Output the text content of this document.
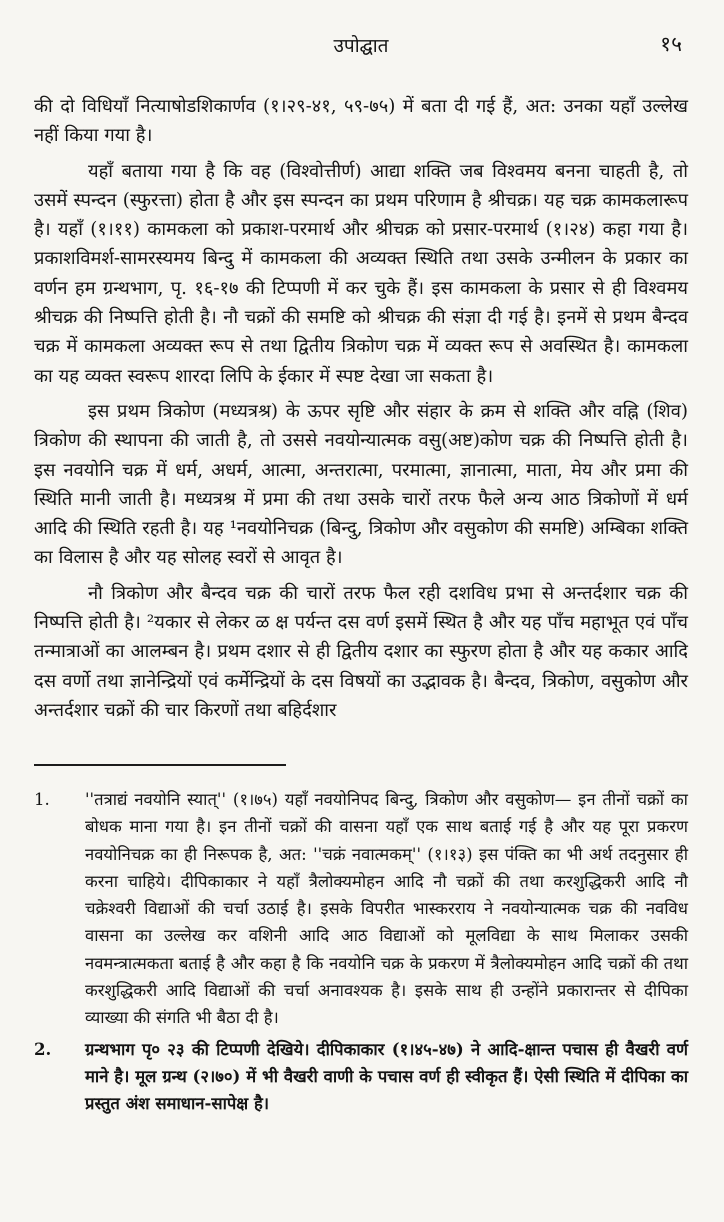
उपोद्घात	१५

की दो विधियाँ नित्याषोडशिकार्णव (१।२९-४१, ५९-७५) में बता दी गई हैं, अत: उनका यहाँ उल्लेख नहीं किया गया है।

यहाँ बताया गया है कि वह (विश्वोत्तीर्ण) आद्या शक्ति जब विश्वमय बनना चाहती है, तो उसमें स्पन्दन (स्फुरत्ता) होता है और इस स्पन्दन का प्रथम परिणाम है श्रीचक्र। यह चक्र कामकलारूप है। यहाँ (१।११) कामकला को प्रकाश-परमार्थ और श्रीचक्र को प्रसार-परमार्थ (१।२४) कहा गया है। प्रकाशविमर्श-सामरस्यमय बिन्दु में कामकला की अव्यक्त स्थिति तथा उसके उन्मीलन के प्रकार का वर्णन हम ग्रन्थभाग, पृ. १६-१७ की टिप्पणी में कर चुके हैं। इस कामकला के प्रसार से ही विश्वमय श्रीचक्र की निष्पत्ति होती है। नौ चक्रों की समष्टि को श्रीचक्र की संज्ञा दी गई है। इनमें से प्रथम बैन्दव चक्र में कामकला अव्यक्त रूप से तथा द्वितीय त्रिकोण चक्र में व्यक्त रूप से अवस्थित है। कामकला का यह व्यक्त स्वरूप शारदा लिपि के ईकार में स्पष्ट देखा जा सकता है।

इस प्रथम त्रिकोण (मध्यत्रश्र) के ऊपर सृष्टि और संहार के क्रम से शक्ति और वह्नि (शिव) त्रिकोण की स्थापना की जाती है, तो उससे नवयोन्यात्मक वसु(अष्ट)कोण चक्र की निष्पत्ति होती है। इस नवयोनि चक्र में धर्म, अधर्म, आत्मा, अन्तरात्मा, परमात्मा, ज्ञानात्मा, माता, मेय और प्रमा की स्थिति मानी जाती है। मध्यत्रश्र में प्रमा की तथा उसके चारों तरफ फैले अन्य आठ त्रिकोणों में धर्म आदि की स्थिति रहती है। यह ¹नवयोनिचक्र (बिन्दु, त्रिकोण और वसुकोण की समष्टि) अम्बिका शक्ति का विलास है और यह सोलह स्वरों से आवृत है।

नौ त्रिकोण और बैन्दव चक्र की चारों तरफ फैल रही दशविध प्रभा से अन्तर्दशार चक्र की निष्पत्ति होती है। ²यकार से लेकर ळ क्ष पर्यन्त दस वर्ण इसमें स्थित है और यह पाँच महाभूत एवं पाँच तन्मात्राओं का आलम्बन है। प्रथम दशार से ही द्वितीय दशार का स्फुरण होता है और यह ककार आदि दस वर्णो तथा ज्ञानेन्द्रियों एवं कर्मेन्द्रियों के दस विषयों का उद्भावक है। बैन्दव, त्रिकोण, वसुकोण और अन्तर्दशार चक्रों की चार किरणों तथा बहिर्दशार

1.	''तत्राद्यं नवयोनि स्यात्'' (१।७५) यहाँ नवयोनिपद बिन्दु, त्रिकोण और वसुकोण— इन तीनों चक्रों का बोधक माना गया है। इन तीनों चक्रों की वासना यहाँ एक साथ बताई गई है और यह पूरा प्रकरण नवयोनिचक्र का ही निरूपक है, अत: ''चक्रं नवात्मकम्'' (१।१३) इस पंक्ति का भी अर्थ तदनुसार ही करना चाहिये। दीपिकाकार ने यहाँ त्रैलोक्यमोहन आदि नौ चक्रों की तथा करशुद्धिकरी आदि नौ चक्रेश्वरी विद्याओं की चर्चा उठाई है। इसके विपरीत भास्करराय ने नवयोन्यात्मक चक्र की नवविध वासना का उल्लेख कर वशिनी आदि आठ विद्याओं को मूलविद्या के साथ मिलाकर उसकी नवमन्त्रात्मकता बताई है और कहा है कि नवयोनि चक्र के प्रकरण में त्रैलोक्यमोहन आदि चक्रों की तथा करशुद्धिकरी आदि विद्याओं की चर्चा अनावश्यक है। इसके साथ ही उन्होंने प्रकारान्तर से दीपिका व्याख्या की संगति भी बैठा दी है।
2.	ग्रन्थभाग पृ० २३ की टिप्पणी देखिये। दीपिकाकार (१।४५-४७) ने आदि-क्षान्त पचास ही वैखरी वर्ण माने है। मूल ग्रन्थ (२।७०) में भी वैखरी वाणी के पचास वर्ण ही स्वीकृत हैं। ऐसी स्थिति में दीपिका का प्रस्तुत अंश समाधान-सापेक्ष है।
